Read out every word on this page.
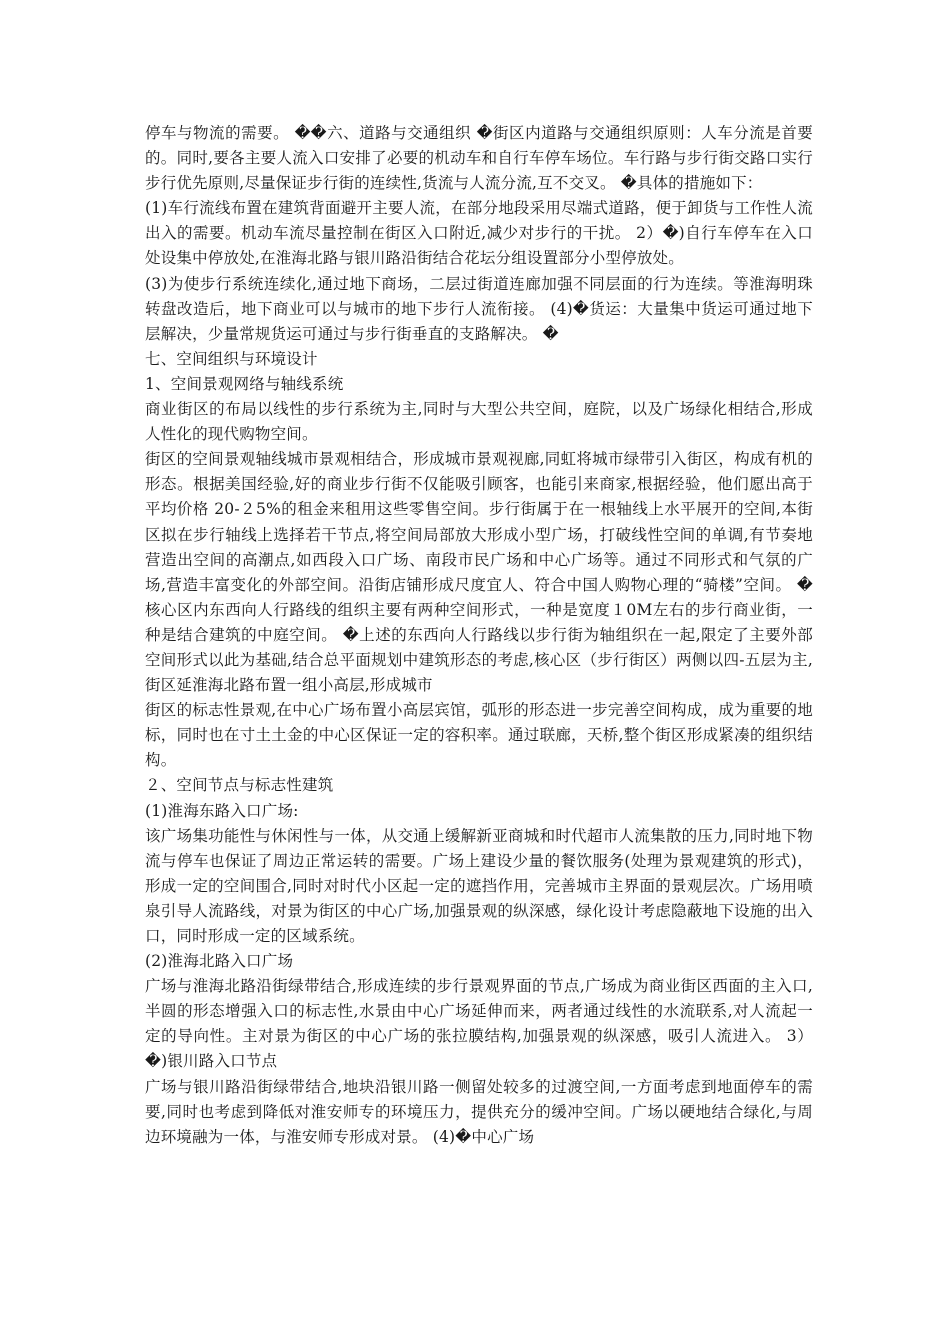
停车与物流的需要。 ��六、道路与交通组织 �街区内道路与交通组织原则：人车分流是首要的。同时,要各主要人流入口安排了必要的机动车和自行车停车场位。车行路与步行街交路口实行步行优先原则,尽量保证步行街的连续性,货流与人流分流,互不交叉。 �具体的措施如下：

(1)车行流线布置在建筑背面避开主要人流，在部分地段采用尽端式道路，便于卸货与工作性人流出入的需要。机动车流尽量控制在街区入口附近,减少对步行的干扰。 2）�)自行车停车在入口处设集中停放处,在淮海北路与银川路沿街结合花坛分组设置部分小型停放处。

(3)为使步行系统连续化,通过地下商场，二层过街道连廊加强不同层面的行为连续。等淮海明珠转盘改造后，地下商业可以与城市的地下步行人流衔接。 (4)�货运：大量集中货运可通过地下层解决，少量常规货运可通过与步行街垂直的支路解决。 �

七、空间组织与环境设计

1、空间景观网络与轴线系统

商业街区的布局以线性的步行系统为主,同时与大型公共空间，庭院，以及广场绿化相结合,形成人性化的现代购物空间。

街区的空间景观轴线城市景观相结合，形成城市景观视廊,同虹将城市绿带引入街区，构成有机的形态。根据美国经验,好的商业步行街不仅能吸引顾客，也能引来商家,根据经验，他们愿出高于平均价格 20-２5%的租金来租用这些零售空间。步行街属于在一根轴线上水平展开的空间,本街区拟在步行轴线上选择若干节点,将空间局部放大形成小型广场，打破线性空间的单调,有节奏地营造出空间的高潮点,如西段入口广场、南段市民广场和中心广场等。通过不同形式和气氛的广场,营造丰富变化的外部空间。沿街店铺形成尺度宜人、符合中国人购物心理的“骑楼”空间。 �核心区内东西向人行路线的组织主要有两种空间形式，一种是宽度１0M左右的步行商业街，一种是结合建筑的中庭空间。 �上述的东西向人行路线以步行街为轴组织在一起,限定了主要外部空间形式以此为基础,结合总平面规划中建筑形态的考虑,核心区（步行街区）两侧以四-五层为主,街区延淮海北路布置一组小高层,形成城市

街区的标志性景观,在中心广场布置小高层宾馆，弧形的形态进一步完善空间构成，成为重要的地标，同时也在寸土土金的中心区保证一定的容积率。通过联廊，天桥,整个街区形成紧凑的组织结构。

２、空间节点与标志性建筑

(1)淮海东路入口广场:

该广场集功能性与休闲性与一体，从交通上缓解新亚商城和时代超市人流集散的压力,同时地下物流与停车也保证了周边正常运转的需要。广场上建设少量的餐饮服务(处理为景观建筑的形式)，形成一定的空间围合,同时对时代小区起一定的遮挡作用，完善城市主界面的景观层次。广场用喷泉引导人流路线，对景为街区的中心广场,加强景观的纵深感，绿化设计考虑隐蔽地下设施的出入口，同时形成一定的区域系统。

(2)淮海北路入口广场

广场与淮海北路沿街绿带结合,形成连续的步行景观界面的节点,广场成为商业街区西面的主入口,半圆的形态增强入口的标志性,水景由中心广场延伸而来，两者通过线性的水流联系,对人流起一定的导向性。主对景为街区的中心广场的张拉膜结构,加强景观的纵深感，吸引人流进入。 3）�)银川路入口节点

广场与银川路沿街绿带结合,地块沿银川路一侧留处较多的过渡空间,一方面考虑到地面停车的需要,同时也考虑到降低对淮安师专的环境压力，提供充分的缓冲空间。广场以硬地结合绿化,与周边环境融为一体，与淮安师专形成对景。 (4)�中心广场
